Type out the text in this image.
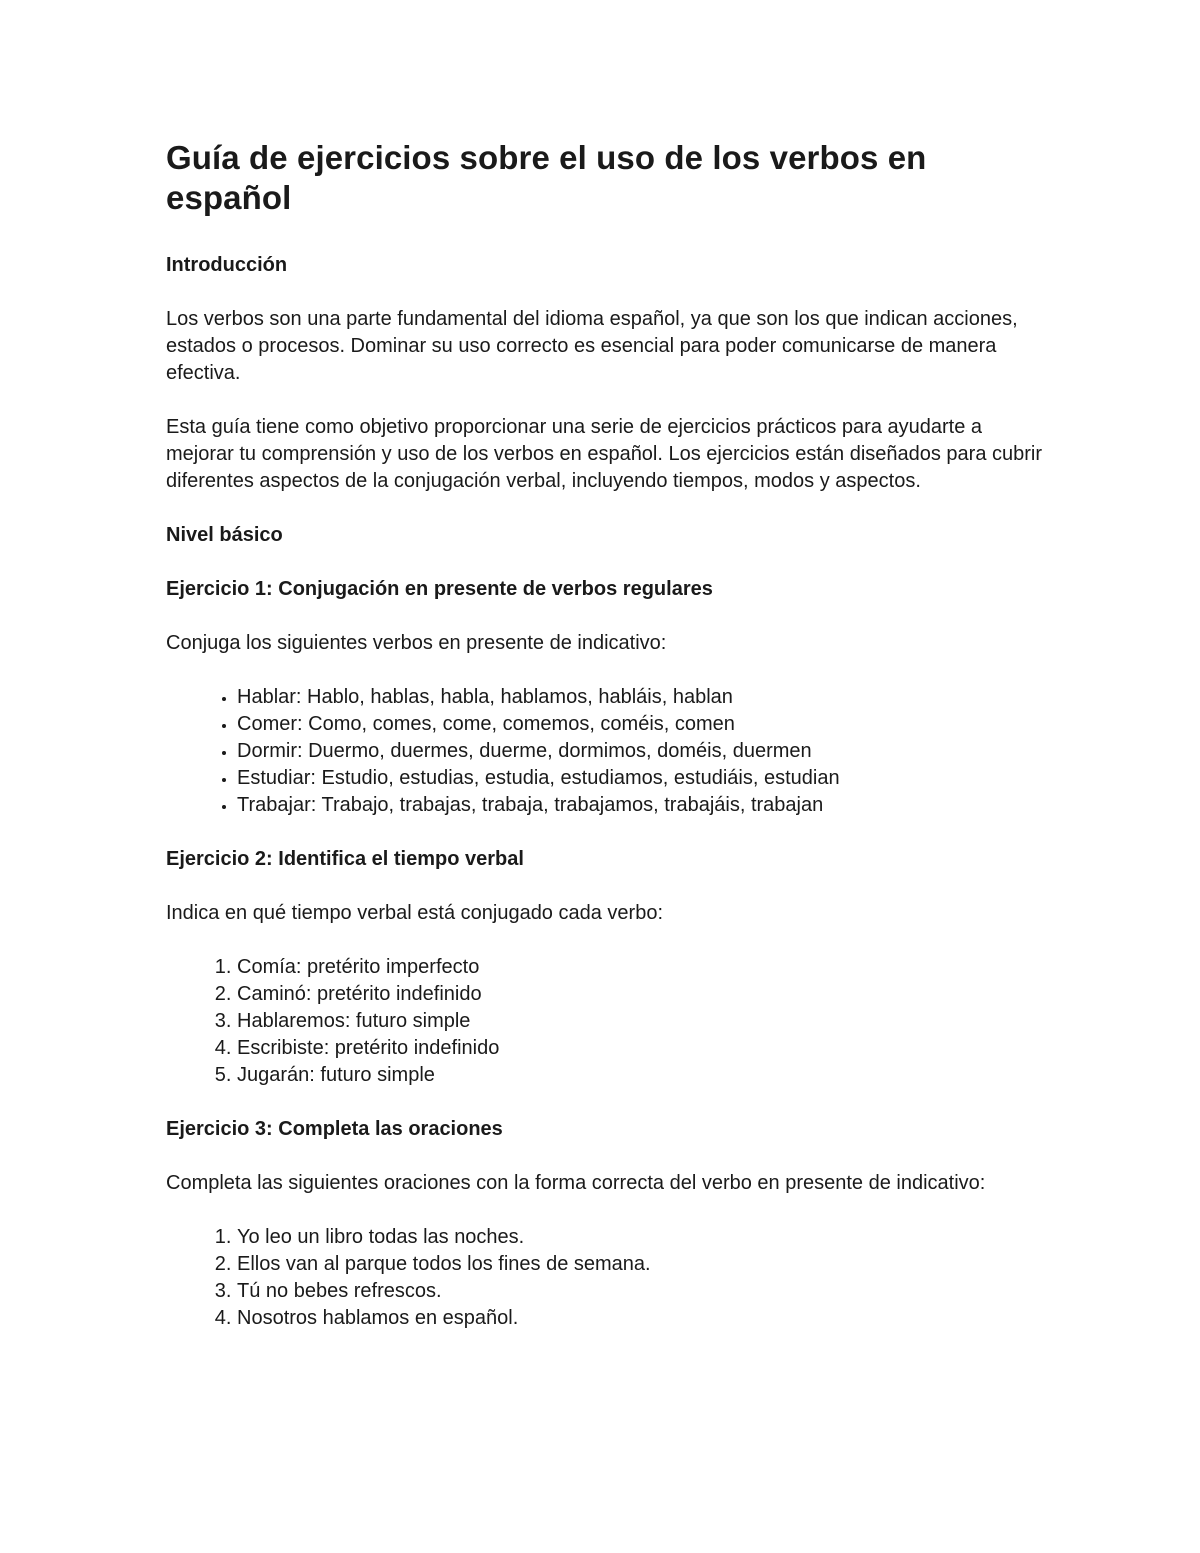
Guía de ejercicios sobre el uso de los verbos en español
Introducción

Los verbos son una parte fundamental del idioma español, ya que son los que indican acciones, estados o procesos. Dominar su uso correcto es esencial para poder comunicarse de manera efectiva.

Esta guía tiene como objetivo proporcionar una serie de ejercicios prácticos para ayudarte a mejorar tu comprensión y uso de los verbos en español. Los ejercicios están diseñados para cubrir diferentes aspectos de la conjugación verbal, incluyendo tiempos, modos y aspectos.

Nivel básico
Ejercicio 1: Conjugación en presente de verbos regulares

Conjuga los siguientes verbos en presente de indicativo:

• Hablar: Hablo, hablas, habla, hablamos, habláis, hablan
• Comer: Como, comes, come, comemos, coméis, comen
• Dormir: Duermo, duermes, duerme, dormimos, doméis, duermen
• Estudiar: Estudio, estudias, estudia, estudiamos, estudiáis, estudian
• Trabajar: Trabajo, trabajas, trabaja, trabajamos, trabajáis, trabajan
Ejercicio 2: Identifica el tiempo verbal

Indica en qué tiempo verbal está conjugado cada verbo:

1. Comía: pretérito imperfecto
2. Caminó: pretérito indefinido
3. Hablaremos: futuro simple
4. Escribiste: pretérito indefinido
5. Jugarán: futuro simple
Ejercicio 3: Completa las oraciones

Completa las siguientes oraciones con la forma correcta del verbo en presente de indicativo:

1. Yo leo un libro todas las noches.
2. Ellos van al parque todos los fines de semana.
3. Tú no bebes refrescos.
4. Nosotros hablamos en español.
